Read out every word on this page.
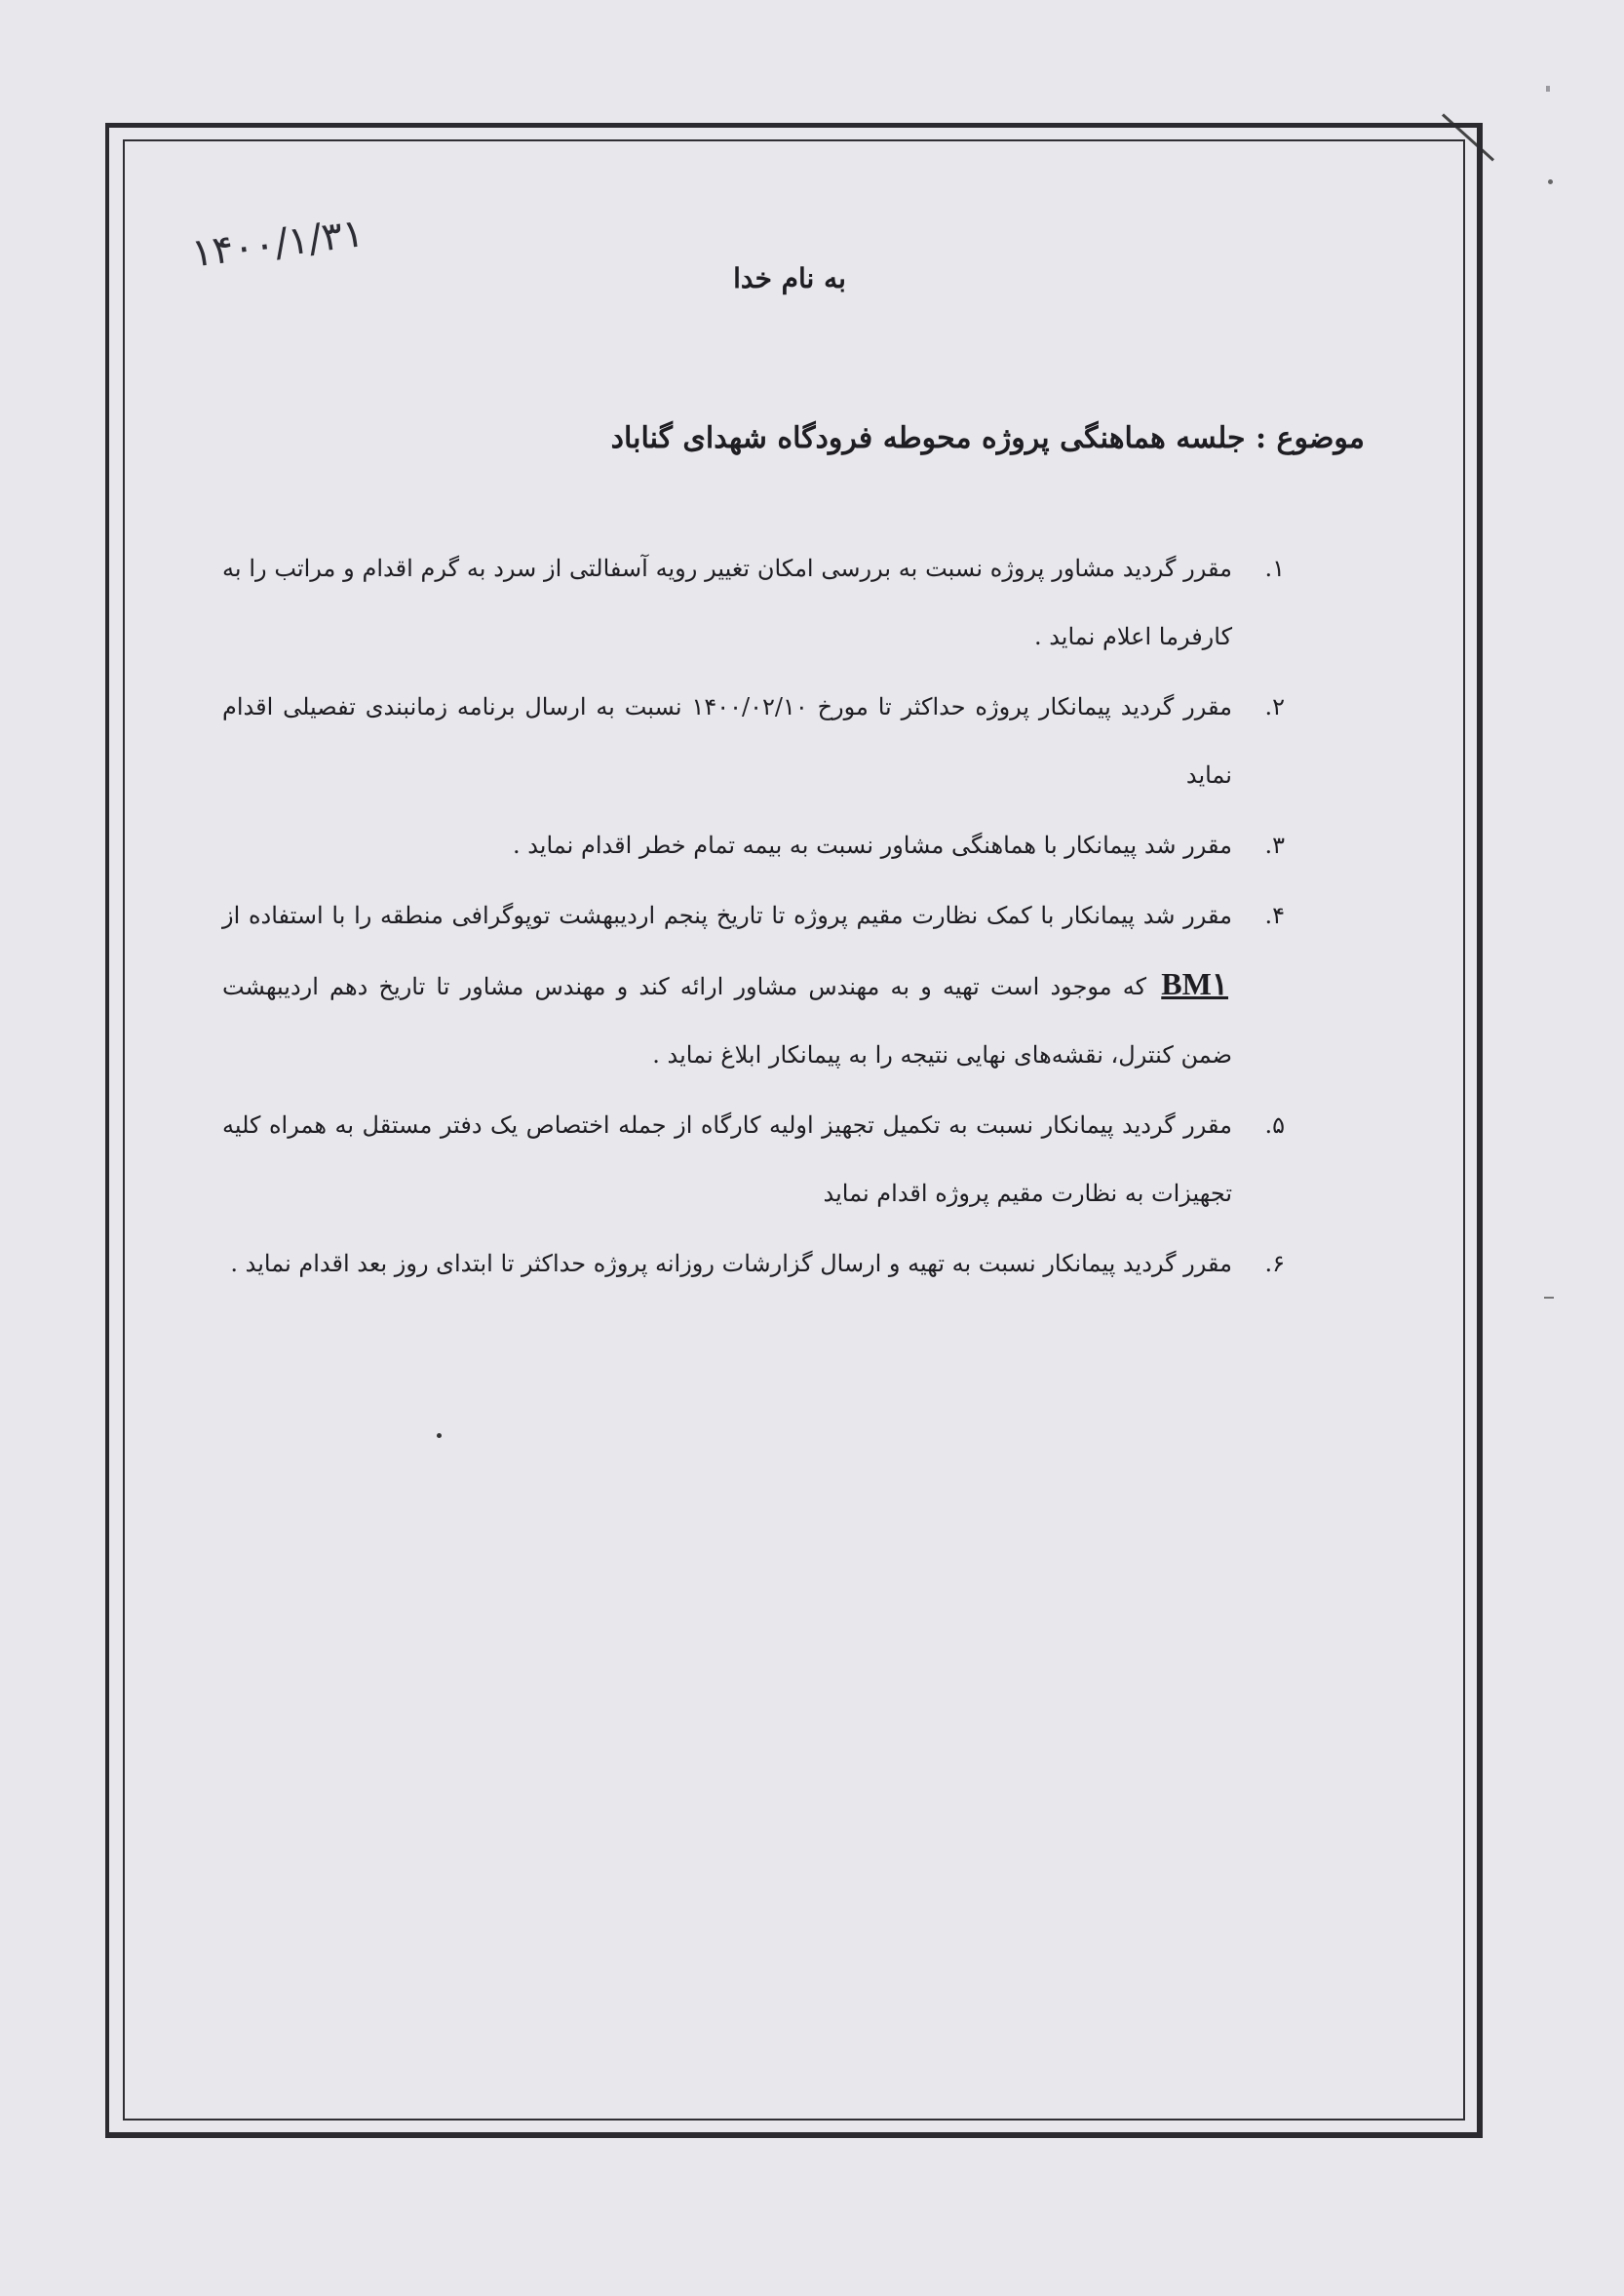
۱۴۰۰/۱/۳۱
به نام خدا
موضوع : جلسه هماهنگی پروژه محوطه فرودگاه شهدای گناباد
۱.
مقرر گردید مشاور پروژه نسبت به بررسی امکان تغییر رویه آسفالتی از سرد به گرم اقدام و مراتب را به کارفرما اعلام نماید .
۲.
مقرر گردید پیمانکار پروژه حداکثر تا مورخ ۱۴۰۰/۰۲/۱۰ نسبت به ارسال برنامه زمانبندی تفصیلی اقدام نماید
۳.
مقرر شد پیمانکار با هماهنگی مشاور نسبت به بیمه تمام خطر اقدام نماید .
۴.
مقرر شد پیمانکار با کمک نظارت مقیم پروژه تا تاریخ پنجم اردیبهشت توپوگرافی منطقه را با استفاده از BM۱ که موجود است تهیه و به مهندس مشاور ارائه کند و مهندس مشاور تا تاریخ دهم اردیبهشت ضمن کنترل، نقشه‌های نهایی نتیجه را به پیمانکار ابلاغ نماید .
۵.
مقرر گردید پیمانکار نسبت به تکمیل تجهیز اولیه کارگاه از جمله اختصاص یک دفتر مستقل به همراه کلیه تجهیزات به نظارت مقیم پروژه اقدام نماید
۶.
مقرر گردید پیمانکار نسبت به تهیه و ارسال گزارشات روزانه پروژه حداکثر تا ابتدای روز بعد اقدام نماید .
